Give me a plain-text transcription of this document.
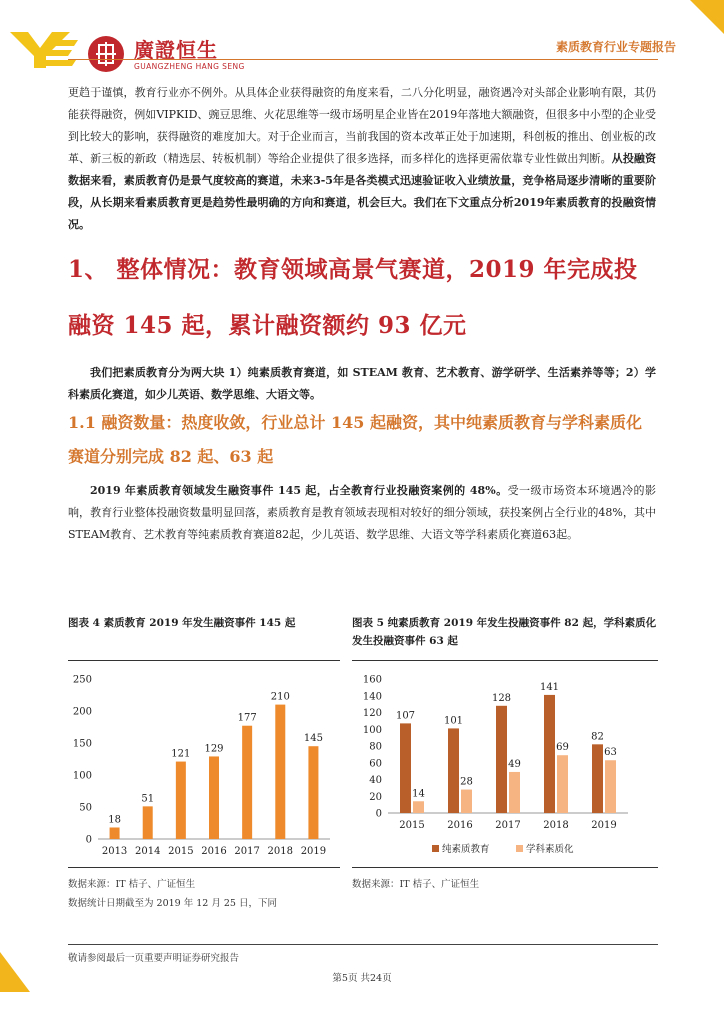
廣證恒生
GUANGZHENG HANG SENG
素质教育行业专题报告

更趋于谨慎，教育行业亦不例外。从具体企业获得融资的角度来看，二八分化明显，融资遇冷对头部企业影响有限，其仍能获得融资，例如VIPKID、豌豆思维、火花思维等一级市场明星企业皆在2019年落地大额融资，但很多中小型的企业受到比较大的影响，获得融资的难度加大。对于企业而言，当前我国的资本改革正处于加速期，科创板的推出、创业板的改革、新三板的新政（精选层、转板机制）等给企业提供了很多选择，而多样化的选择更需依靠专业性做出判断。从投融资数据来看，素质教育仍是景气度较高的赛道，未来3-5年是各类模式迅速验证收入业绩放量，竞争格局逐步清晰的重要阶段，从长期来看素质教育更是趋势性最明确的方向和赛道，机会巨大。我们在下文重点分析2019年素质教育的投融资情况。

1、 整体情况：教育领域高景气赛道，2019 年完成投融资 145 起，累计融资额约 93 亿元

我们把素质教育分为两大块 1）纯素质教育赛道，如 STEAM 教育、艺术教育、游学研学、生活素养等等；2）学科素质化赛道，如少儿英语、数学思维、大语文等。

1.1 融资数量：热度收敛，行业总计 145 起融资，其中纯素质教育与学科素质化赛道分别完成 82 起、63 起

2019 年素质教育领域发生融资事件 145 起，占全教育行业投融资案例的 48%。受一级市场资本环境遇冷的影响，教育行业整体投融资数量明显回落，素质教育是教育领域表现相对较好的细分领域，获投案例占全行业的48%，其中STEAM教育、艺术教育等纯素质教育赛道82起，少儿英语、数学思维、大语文等学科素质化赛道63起。

图表 4 素质教育 2019 年发生融资事件 145 起	图表 5 纯素质教育 2019 年发生投融资事件 82 起，学科素质化发生投融资事件 63 起
0
50
100
150
200
250
2013
18
2014
51
2015
121
2016
129
2017
177
2018
210
2019
145
0
20
40
60
80
100
120
140
160
2015
107
14
2016
101
28
2017
128
49
2018
141
69
2019
82
63
纯素质教育	学科素质化
数据来源：IT 桔子、广证恒生
数据统计日期截至为 2019 年 12 月 25 日，下同
数据来源：IT 桔子、广证恒生
敬请参阅最后一页重要声明证券研究报告
第5页 共24页
